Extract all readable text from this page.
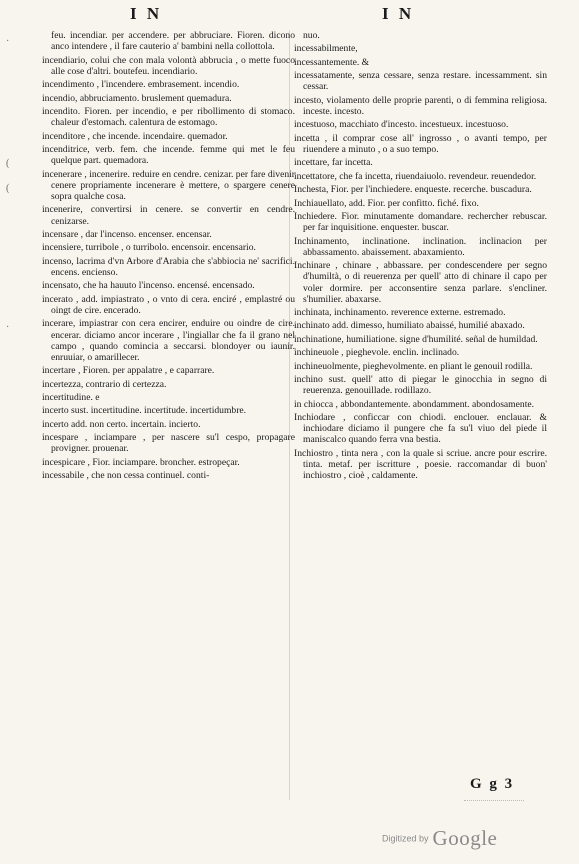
I N	I N
·
(
(
·

feu. incendiar. per accendere. per abbruciare. Fioren. dicono anco intendere , il fare cauterio a' bambini nella collottola.

incendiario, colui che con mala volontà abbrucia , o mette fuoco alle cose d'altri. boutefeu. incendiario.

incendimento , l'incendere. embrasement. incendio.

incendio, abbruciamento. bruslement quemadura.

incendito. Fioren. per incendio, e per ribollimento di stomaco. chaleur d'estomach. calentura de estomago.

incenditore , che incende. incendaire. quemador.

incenditrice, verb. fem. che incende. femme qui met le feu quelque part. quemadora.

incenerare , incenerire. reduire en cendre. cenizar. per fare divenir cenere propriamente incenerare è mettere, o spargere cenere sopra qualche cosa.

incenerire, convertirsi in cenere. se convertir en cendre. cenizarse.

incensare , dar l'incenso. encenser. encensar.

incensiere, turribole , o turribolo. encensoir. encensario.

incenso, lacrima d'vn Arbore d'Arabia che s'abbiocia ne' sacrifici. encens. encienso.

incensato, che ha hauuto l'incenso. encensé. encensado.

incerato , add. impiastrato , o vnto di cera. enciré , emplastré ou oingt de cire. encerado.

incerare, impiastrar con cera encirer, enduire ou oindre de cire. encerar. diciamo ancor incerare , l'ingiallar che fa il grano nel campo , quando comincia a seccarsi. blondoyer ou iaunir. enruuiar, o amarillecer.

incertare , Fioren. per appalatre , e caparrare.

incertezza, contrario di certezza.

incertitudine. e

incerto sust. incertitudine. incertitude. incertidumbre.

incerto add. non certo. incertain. incierto.

incespare , inciampare , per nascere su'l cespo, propagare provigner. prouenar.

incespicare , Fior. inciampare. broncher. estropeçar.

incessabile , che non cessa continuel. conti-

nuo.

incessabilmente,

incessantemente. &

incessatamente, senza cessare, senza restare. incessamment. sin cessar.

incesto, violamento delle proprie parenti, o di femmina religiosa. inceste. incesto.

incestuoso, macchiato d'incesto. incestueux. incestuoso.

incetta , il comprar cose all' ingrosso , o avanti tempo, per riuendere a minuto , o a suo tempo.

incettare, far incetta.

incettatore, che fa incetta, riuendaiuolo. revendeur. reuendedor.

Inchesta, Fior. per l'inchiedere. enqueste. recerche. buscadura.

Inchiauellato, add. Fior. per confitto. fiché. fixo.

Inchiedere. Fior. minutamente domandare. rechercher rebuscar. per far inquisitione. enquester. buscar.

Inchinamento, inclinatione. inclination. inclinacion per abbassamento. abaissement. abaxamiento.

Inchinare , chinare , abbassare. per condescendere per segno d'humiltà, o di reuerenza per quell' atto di chinare il capo per voler dormire. per acconsentire senza parlare. s'encliner. s'humilier. abaxarse.

inchinata, inchinamento. reverence externe. estremado.

inchinato add. dimesso, humiliato abaissé, humilié abaxado.

inchinatione, humiliatione. signe d'humilité. señal de humildad.

inchineuole , pieghevole. enclin. inclinado.

inchineuolmente, pieghevolmente. en pliant le genouil rodilla.

inchino sust. quell' atto di piegar le ginocchia in segno di reuerenza. genouillade. rodillazo.

in chiocca , abbondantemente. abondamment. abondosamente.

Inchiodare , conficcar con chiodi. enclouer. enclauar. & inchiodare diciamo il pungere che fa su'l viuo del piede il maniscalco quando ferra vna bestia.

Inchiostro , tinta nera , con la quale si scriue. ancre pour escrire. tinta. metaf. per iscritture , poesie. raccomandar di buon' inchiostro , cioè , caldamente.

G g 3
Digitized by Google
